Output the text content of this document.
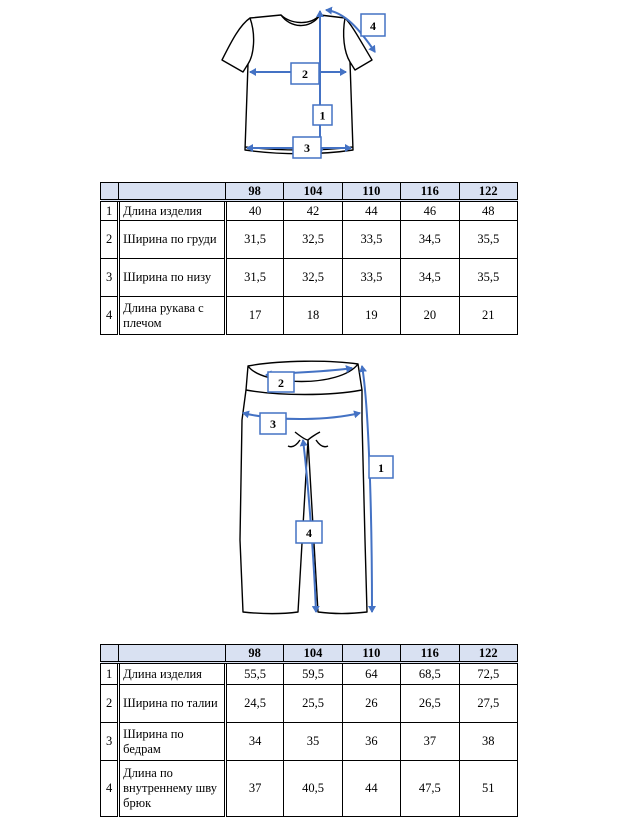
1
2
3
4
		98	104	110	116	122
1	Длина изделия	40	42	44	46	48
2	Ширина по груди	31,5	32,5	33,5	34,5	35,5
3	Ширина по низу	31,5	32,5	33,5	34,5	35,5
4	Длина рукава с плечом	17	18	19	20	21
1
2
3
4
		98	104	110	116	122
1	Длина изделия	55,5	59,5	64	68,5	72,5
2	Ширина по талии	24,5	25,5	26	26,5	27,5
3	Ширина по бедрам	34	35	36	37	38
4	Длина по внутреннему шву брюк	37	40,5	44	47,5	51
